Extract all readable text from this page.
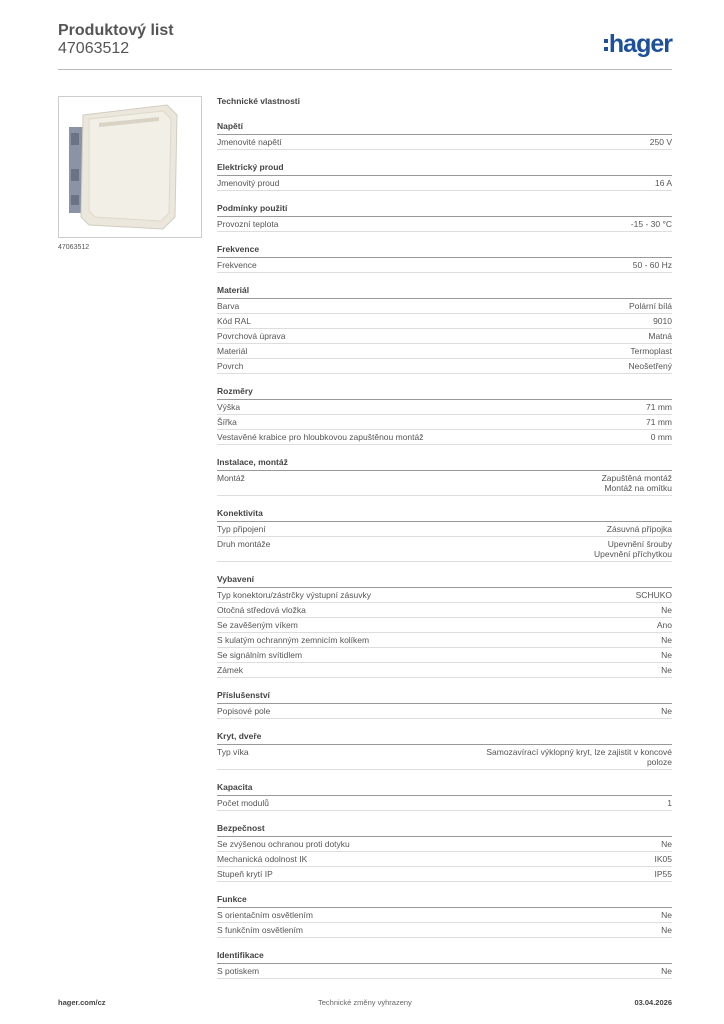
Produktový list
47063512	hager
47063512
Technické vlastnosti
Napětí
Jmenovité napětí	250 V
Elektrický proud
Jmenovitý proud	16 A
Podmínky použití
Provozní teplota	-15 - 30 °C
Frekvence
Frekvence	50 - 60 Hz
Materiál
Barva	Polární bílá
Kód RAL	9010
Povrchová úprava	Matná
Materiál	Termoplast
Povrch	Neošetřený
Rozměry
Výška	71 mm
Šířka	71 mm
Vestavěné krabice pro hloubkovou zapuštěnou montáž	0 mm
Instalace, montáž
Montáž	Zapuštěná montáž
Montáž na omítku
Konektivita
Typ připojení	Zásuvná přípojka
Druh montáže	Upevnění šrouby
Upevnění příchytkou
Vybavení
Typ konektoru/zástrčky výstupní zásuvky	SCHUKO
Otočná středová vložka	Ne
Se zavěšeným víkem	Ano
S kulatým ochranným zemnicím kolíkem	Ne
Se signálním svítidlem	Ne
Zámek	Ne
Příslušenství
Popisové pole	Ne
Kryt, dveře
Typ víka	Samozavírací výklopný kryt, lze zajistit v koncové
poloze
Kapacita
Počet modulů	1
Bezpečnost
Se zvýšenou ochranou proti dotyku	Ne
Mechanická odolnost IK	IK05
Stupeň krytí IP	IP55
Funkce
S orientačním osvětlením	Ne
S funkčním osvětlením	Ne
Identifikace
S potiskem	Ne
hager.com/cz	Technické změny vyhrazeny	03.04.2026
